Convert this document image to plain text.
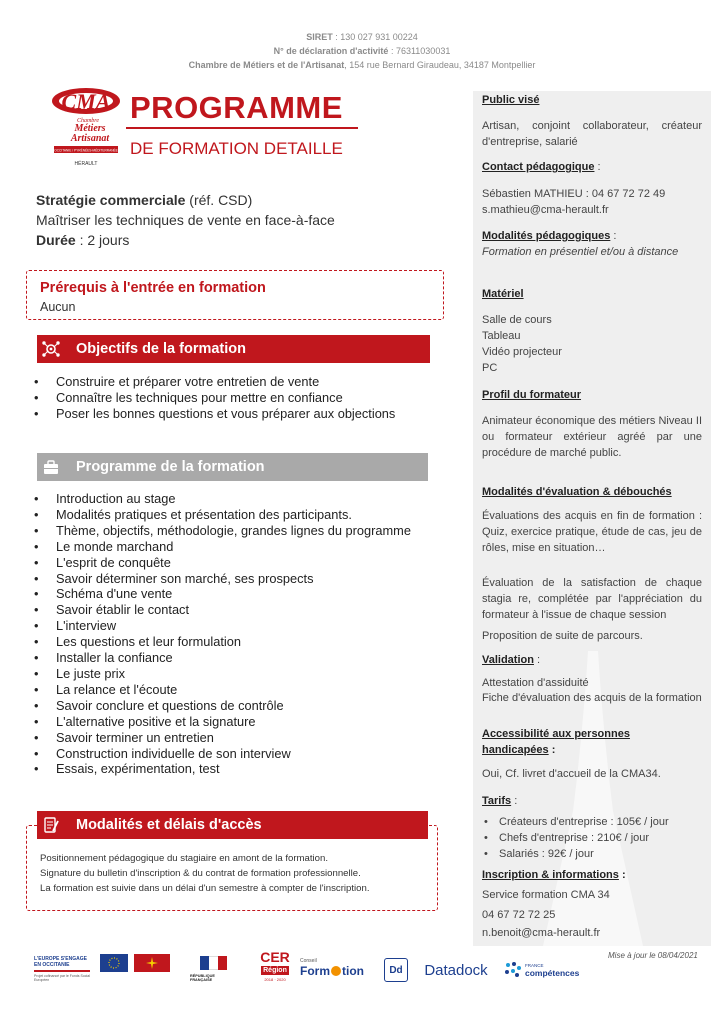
SIRET : 130 027 931 00224
N° de déclaration d'activité : 76311030031
Chambre de Métiers et de l'Artisanat, 154 rue Bernard Giraudeau, 34187 Montpellier
CMA
Chambre
Métiers
Artisanat
OCCITANIE / PYRÉNÉES-MÉDITERRANÉE
HÉRAULT
PROGRAMME
DE FORMATION DETAILLE
Stratégie commerciale (réf. CSD)
Maîtriser les techniques de vente en face-à-face
Durée : 2 jours
Prérequis à l'entrée en formation
Aucun
Objectifs de la formation
• Construire et préparer votre entretien de vente
• Connaître les techniques pour mettre en confiance
• Poser les bonnes questions et vous préparer aux objections
Programme de la formation
• Introduction au stage
• Modalités pratiques et présentation des participants.
• Thème, objectifs, méthodologie, grandes lignes du programme
• Le monde marchand
• L'esprit de conquête
• Savoir déterminer son marché, ses prospects
• Schéma d'une vente
• Savoir établir le contact
• L'interview
• Les questions et leur formulation
• Installer la confiance
• Le juste prix
• La relance et l'écoute
• Savoir conclure et questions de contrôle
• L'alternative positive et la signature
• Savoir terminer un entretien
• Construction individuelle de son interview
• Essais, expérimentation, test
Positionnement pédagogique du stagiaire en amont de la formation.
Signature du bulletin d'inscription & du contrat de formation professionnelle.
La formation est suivie dans un délai d'un semestre à compter de l'inscription.
Modalités et délais d'accès
Public visé
Artisan, conjoint collaborateur, créateur d'entreprise, salarié
Contact pédagogique :
Sébastien MATHIEU : 04 67 72 72 49
s.mathieu@cma-herault.fr
Modalités pédagogiques :
Formation en présentiel et/ou à distance
Matériel
Salle de cours
Tableau
Vidéo projecteur
PC
Profil du formateur
Animateur économique des métiers Niveau II ou formateur extérieur agréé par une procédure de marché public.
Modalités d'évaluation & débouchés
Évaluations des acquis en fin de formation : Quiz, exercice pratique, étude de cas, jeu de rôles, mise en situation…
Évaluation de la satisfaction de chaque stagia re, complétée par l'appréciation du formateur à l'issue de chaque session
Proposition de suite de parcours.
Validation :
Attestation d'assiduité
Fiche d'évaluation des acquis de la formation
Accessibilité aux personnes
handicapées :
Oui, Cf. livret d'accueil de la CMA34.
Tarifs :
• Créateurs d'entreprise : 105€ / jour
• Chefs d'entreprise : 210€ / jour
• Salariés : 92€ / jour
Inscription & informations :
Service formation CMA 34
04 67 72 72 25
n.benoit@cma-herault.fr
Mise à jour le 08/04/2021
L'EUROPE S'ENGAGE
EN OCCITANIE
Projet cofinancé par le Fonds Social Européen
RÉPUBLIQUE FRANÇAISE
CER
Région
2018 · 2020
Conseil
Form tion	Dd	Datadock	FRANCE
compétences
